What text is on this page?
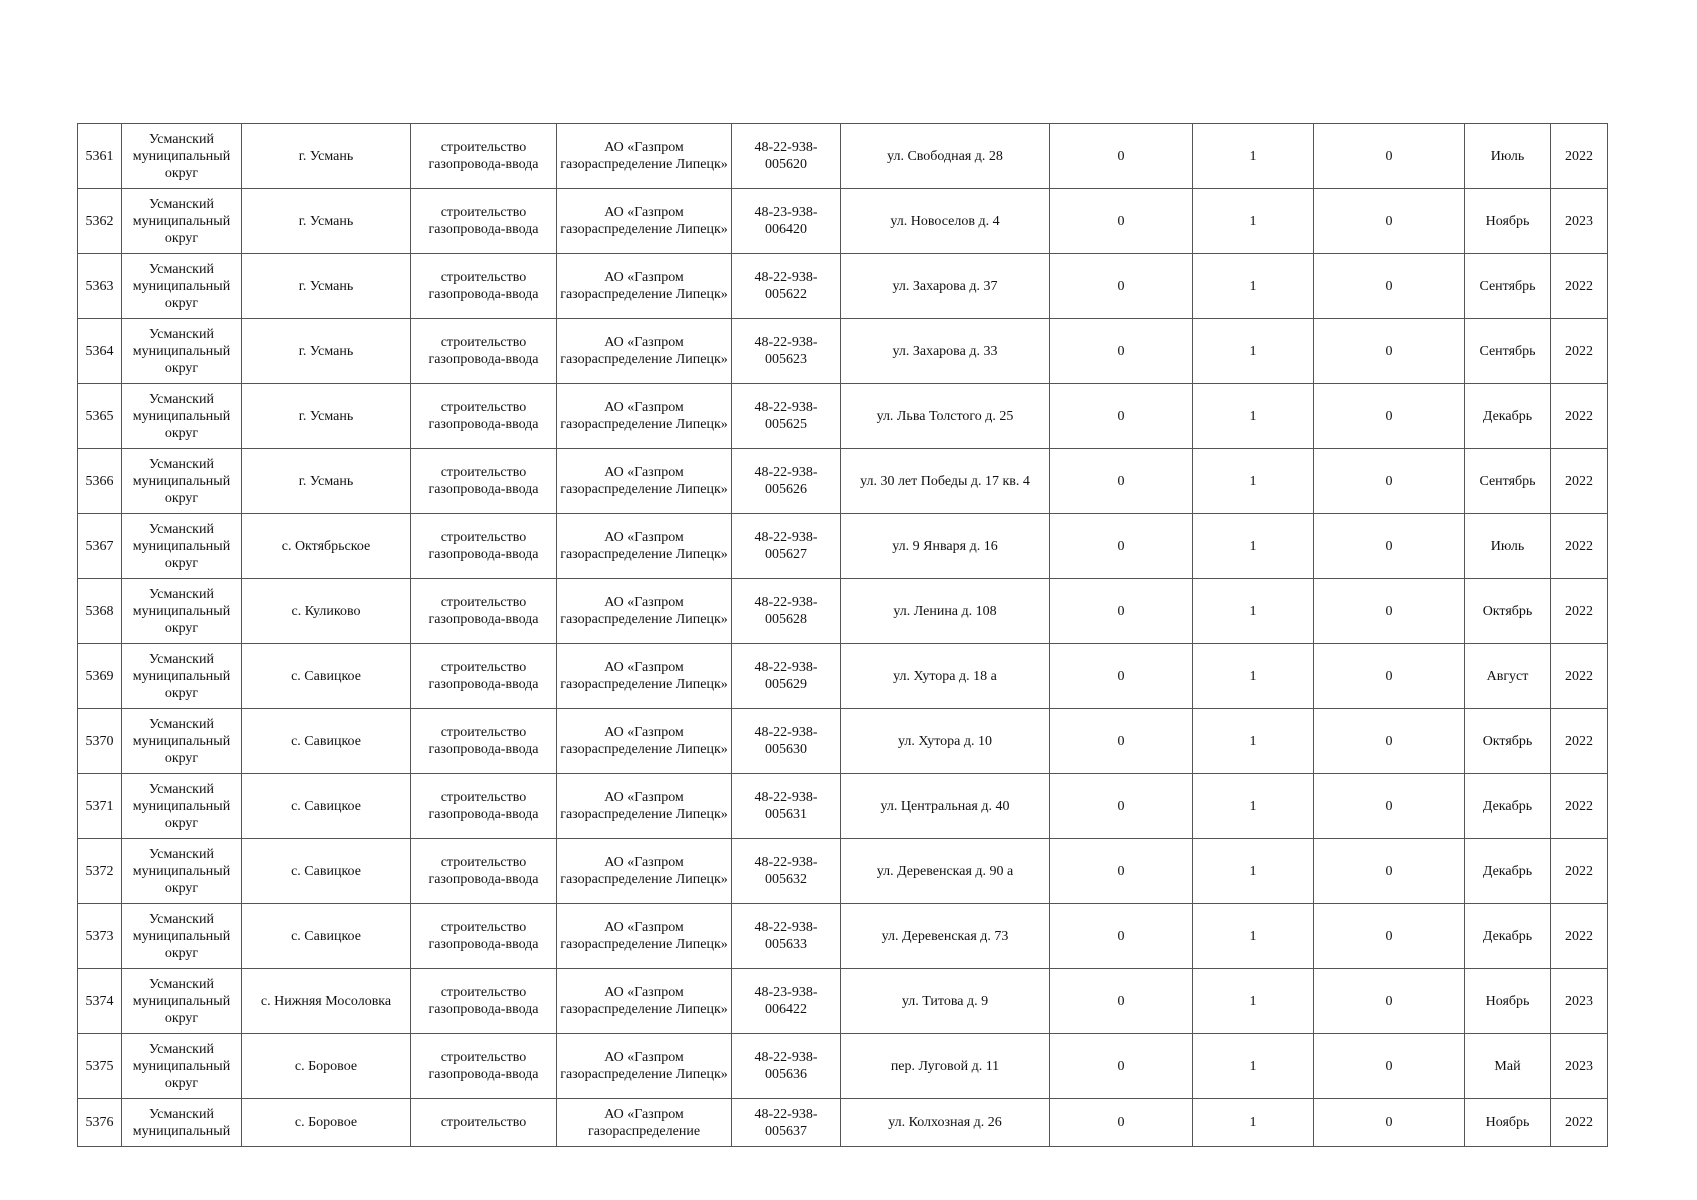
5361	Усманский муниципальный округ	г. Усмань	строительство газопровода-ввода	АО «Газпром газораспределение Липецк»	48-22-938-005620	ул. Свободная д. 28	0	1	0	Июль	2022
5362	Усманский муниципальный округ	г. Усмань	строительство газопровода-ввода	АО «Газпром газораспределение Липецк»	48-23-938-006420	ул. Новоселов д. 4	0	1	0	Ноябрь	2023
5363	Усманский муниципальный округ	г. Усмань	строительство газопровода-ввода	АО «Газпром газораспределение Липецк»	48-22-938-005622	ул. Захарова д. 37	0	1	0	Сентябрь	2022
5364	Усманский муниципальный округ	г. Усмань	строительство газопровода-ввода	АО «Газпром газораспределение Липецк»	48-22-938-005623	ул. Захарова д. 33	0	1	0	Сентябрь	2022
5365	Усманский муниципальный округ	г. Усмань	строительство газопровода-ввода	АО «Газпром газораспределение Липецк»	48-22-938-005625	ул. Льва Толстого д. 25	0	1	0	Декабрь	2022
5366	Усманский муниципальный округ	г. Усмань	строительство газопровода-ввода	АО «Газпром газораспределение Липецк»	48-22-938-005626	ул. 30 лет Победы д. 17 кв. 4	0	1	0	Сентябрь	2022
5367	Усманский муниципальный округ	с. Октябрьское	строительство газопровода-ввода	АО «Газпром газораспределение Липецк»	48-22-938-005627	ул. 9 Января д. 16	0	1	0	Июль	2022
5368	Усманский муниципальный округ	с. Куликово	строительство газопровода-ввода	АО «Газпром газораспределение Липецк»	48-22-938-005628	ул. Ленина д. 108	0	1	0	Октябрь	2022
5369	Усманский муниципальный округ	с. Савицкое	строительство газопровода-ввода	АО «Газпром газораспределение Липецк»	48-22-938-005629	ул. Хутора д. 18 а	0	1	0	Август	2022
5370	Усманский муниципальный округ	с. Савицкое	строительство газопровода-ввода	АО «Газпром газораспределение Липецк»	48-22-938-005630	ул. Хутора д. 10	0	1	0	Октябрь	2022
5371	Усманский муниципальный округ	с. Савицкое	строительство газопровода-ввода	АО «Газпром газораспределение Липецк»	48-22-938-005631	ул. Центральная д. 40	0	1	0	Декабрь	2022
5372	Усманский муниципальный округ	с. Савицкое	строительство газопровода-ввода	АО «Газпром газораспределение Липецк»	48-22-938-005632	ул. Деревенская д. 90 а	0	1	0	Декабрь	2022
5373	Усманский муниципальный округ	с. Савицкое	строительство газопровода-ввода	АО «Газпром газораспределение Липецк»	48-22-938-005633	ул. Деревенская д. 73	0	1	0	Декабрь	2022
5374	Усманский муниципальный округ	с. Нижняя Мосоловка	строительство газопровода-ввода	АО «Газпром газораспределение Липецк»	48-23-938-006422	ул. Титова д. 9	0	1	0	Ноябрь	2023
5375	Усманский муниципальный округ	с. Боровое	строительство газопровода-ввода	АО «Газпром газораспределение Липецк»	48-22-938-005636	пер. Луговой д. 11	0	1	0	Май	2023
5376	Усманский муниципальный	с. Боровое	строительство	АО «Газпром газораспределение	48-22-938-005637	ул. Колхозная д. 26	0	1	0	Ноябрь	2022
